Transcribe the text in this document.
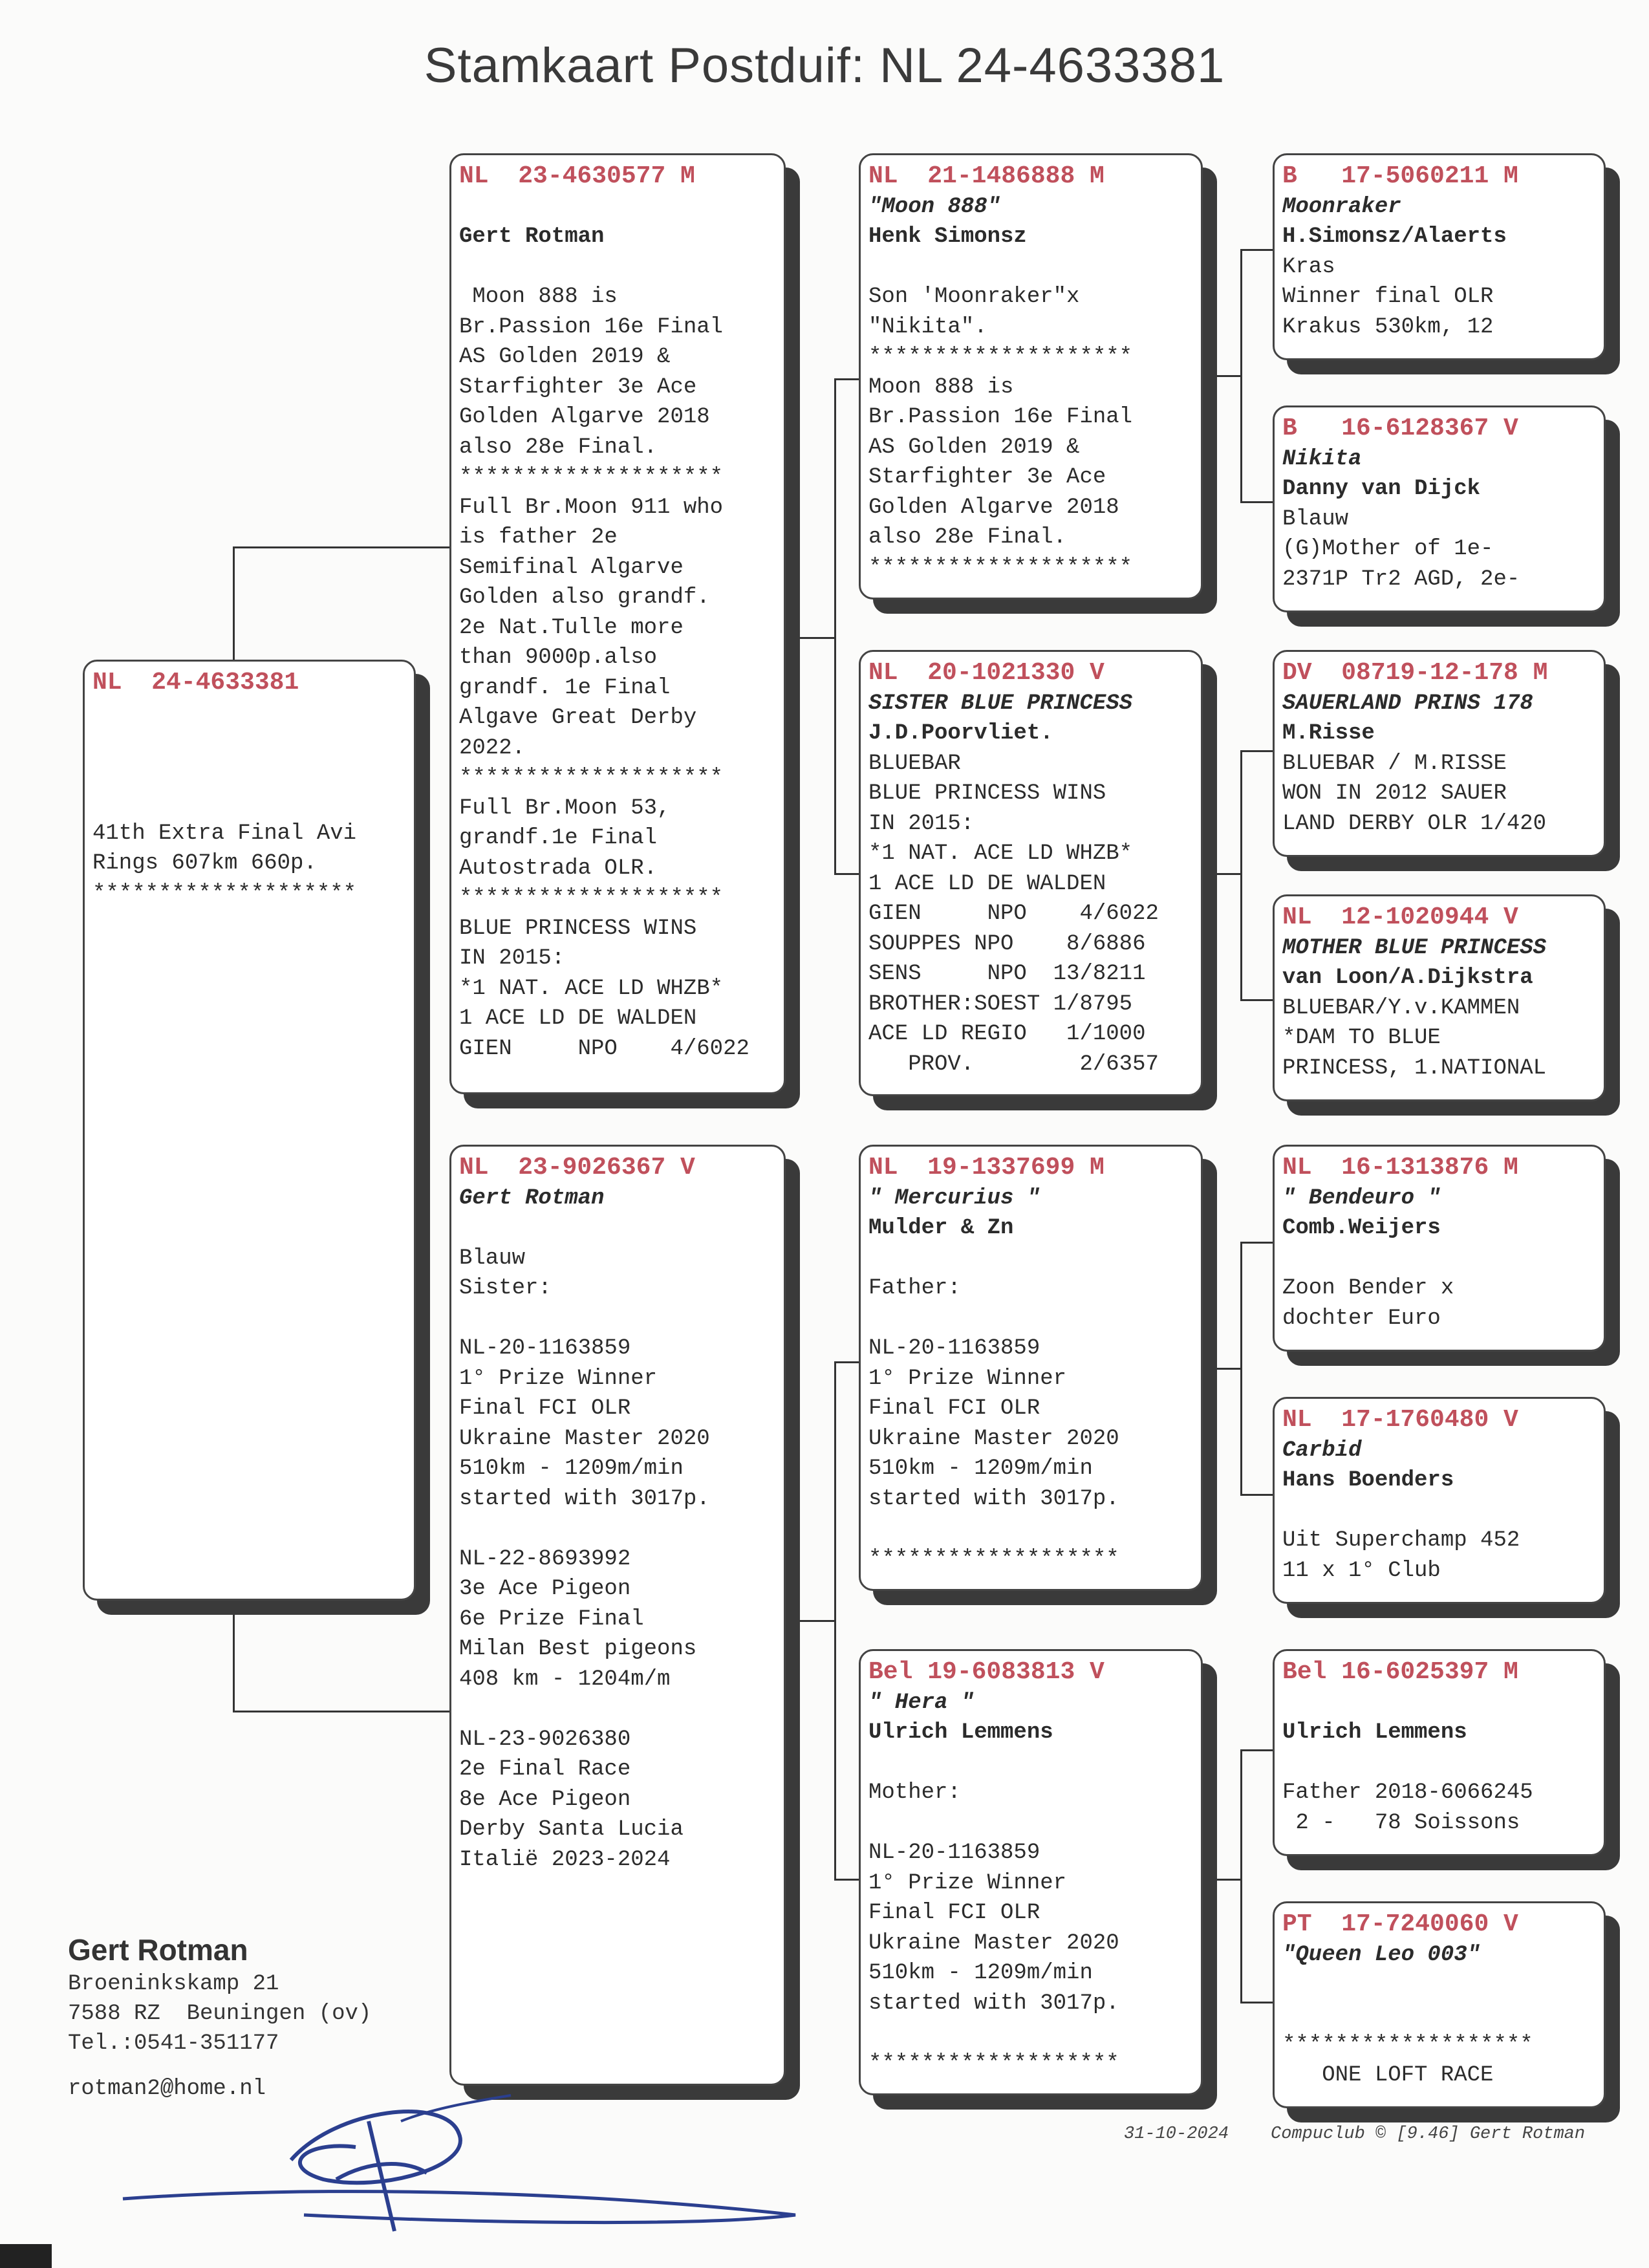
Stamkaart Postduif: NL 24-4633381
NL  24-4633381
41th Extra Final Avi
Rings 607km 660p.
********************
NL  23-4630577 M
Gert Rotman
Moon 888 is
Br.Passion 16e Final
AS Golden 2019 &
Starfighter 3e Ace
Golden Algarve 2018
also 28e Final.
********************
Full Br.Moon 911 who
is father 2e
Semifinal Algarve
Golden also grandf.
2e Nat.Tulle more
than 9000p.also
grandf. 1e Final
Algave Great Derby
2022.
********************
Full Br.Moon 53,
grandf.1e Final
Autostrada OLR.
********************
BLUE PRINCESS WINS
IN 2015:
*1 NAT. ACE LD WHZB*
1 ACE LD DE WALDEN
GIEN     NPO    4/6022
NL  23-9026367 V
Gert Rotman
Blauw
Sister:
NL-20-1163859
1° Prize Winner
Final FCI OLR
Ukraine Master 2020
510km - 1209m/min
started with 3017p.
NL-22-8693992
3e Ace Pigeon
6e Prize Final
Milan Best pigeons
408 km - 1204m/m
NL-23-9026380
2e Final Race
8e Ace Pigeon
Derby Santa Lucia
Italië 2023-2024
NL  21-1486888 M
"Moon 888"
Henk Simonsz
Son 'Moonraker"x
"Nikita".
********************
Moon 888 is
Br.Passion 16e Final
AS Golden 2019 &
Starfighter 3e Ace
Golden Algarve 2018
also 28e Final.
********************
NL  20-1021330 V
SISTER BLUE PRINCESS
J.D.Poorvliet.
BLUEBAR
BLUE PRINCESS WINS
IN 2015:
*1 NAT. ACE LD WHZB*
1 ACE LD DE WALDEN
GIEN     NPO    4/6022
SOUPPES NPO    8/6886
SENS     NPO  13/8211
BROTHER:SOEST 1/8795
ACE LD REGIO   1/1000
PROV.        2/6357
NL  19-1337699 M
" Mercurius "
Mulder & Zn
Father:
NL-20-1163859
1° Prize Winner
Final FCI OLR
Ukraine Master 2020
510km - 1209m/min
started with 3017p.
*******************
Bel 19-6083813 V
" Hera "
Ulrich Lemmens
Mother:
NL-20-1163859
1° Prize Winner
Final FCI OLR
Ukraine Master 2020
510km - 1209m/min
started with 3017p.
*******************
B   17-5060211 M
Moonraker
H.Simonsz/Alaerts
Kras
Winner final OLR
Krakus 530km, 12
B   16-6128367 V
Nikita
Danny van Dijck
Blauw
(G)Mother of 1e-
2371P Tr2 AGD, 2e-
DV  08719-12-178 M
SAUERLAND PRINS 178
M.Risse
BLUEBAR / M.RISSE
WON IN 2012 SAUER
LAND DERBY OLR 1/420
NL  12-1020944 V
MOTHER BLUE PRINCESS
van Loon/A.Dijkstra
BLUEBAR/Y.v.KAMMEN
*DAM TO BLUE
PRINCESS, 1.NATIONAL
NL  16-1313876 M
" Bendeuro "
Comb.Weijers
Zoon Bender x
dochter Euro
NL  17-1760480 V
Carbid
Hans Boenders
Uit Superchamp 452
11 x 1° Club
Bel 16-6025397 M
Ulrich Lemmens
Father 2018-6066245
2 -   78 Soissons
PT  17-7240060 V
"Queen Leo 003"
*******************
ONE LOFT RACE
Gert Rotman
Broeninkskamp 21
7588 RZ  Beuningen (ov)
Tel.:0541-351177
rotman2@home.nl
31-10-2024 Compuclub © [9.46] Gert Rotman
